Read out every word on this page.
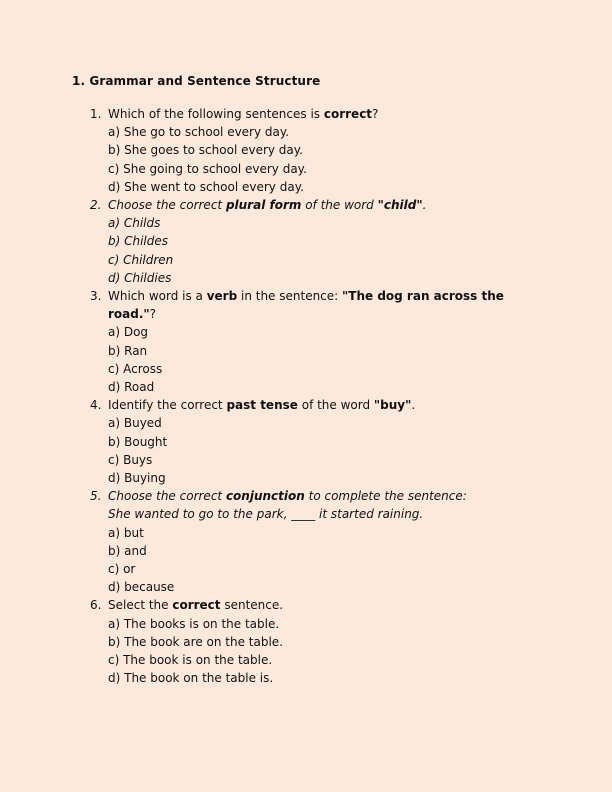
1. Grammar and Sentence Structure
1. Which of the following sentences is correct?
a) She go to school every day.
b) She goes to school every day.
c) She going to school every day.
d) She went to school every day.
2. Choose the correct plural form of the word "child".
a) Childs
b) Childes
c) Children
d) Childies
3. Which word is a verb in the sentence: "The dog ran across the road."?
a) Dog
b) Ran
c) Across
d) Road
4. Identify the correct past tense of the word "buy".
a) Buyed
b) Bought
c) Buys
d) Buying
5. Choose the correct conjunction to complete the sentence:
She wanted to go to the park, ____ it started raining.
a) but
b) and
c) or
d) because
6. Select the correct sentence.
a) The books is on the table.
b) The book are on the table.
c) The book is on the table.
d) The book on the table is.
